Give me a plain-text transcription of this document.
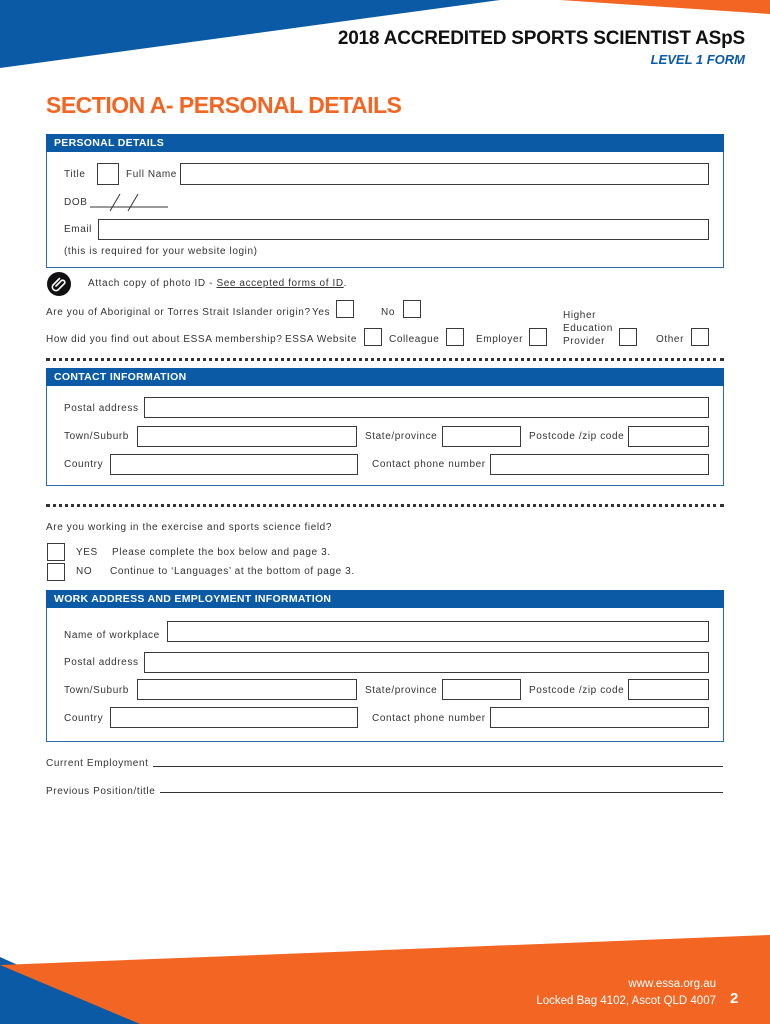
2018 ACCREDITED SPORTS SCIENTIST ASpS
LEVEL 1 FORM
SECTION A- PERSONAL DETAILS
PERSONAL DETAILS
Title	Full Name
DOB
Email
(this is required for your website login)
Attach copy of photo ID - See accepted forms of ID.
Are you of Aboriginal or Torres Strait Islander origin? Yes	No
How did you find out about ESSA membership? ESSA Website	Colleague	Employer
Higher
Education
Provider	Other
CONTACT INFORMATION
Postal address
Town/Suburb	State/province	Postcode /zip code
Country	Contact phone number
Are you working in the exercise and sports science field?
YES Please complete the box below and page 3.
NO Continue to ‘Languages’ at the bottom of page 3.
WORK ADDRESS AND EMPLOYMENT INFORMATION
Name of workplace
Postal address
Town/Suburb	State/province	Postcode /zip code
Country	Contact phone number
Current Employment
Previous Position/title
www.essa.org.au
Locked Bag 4102, Ascot QLD 4007 2
